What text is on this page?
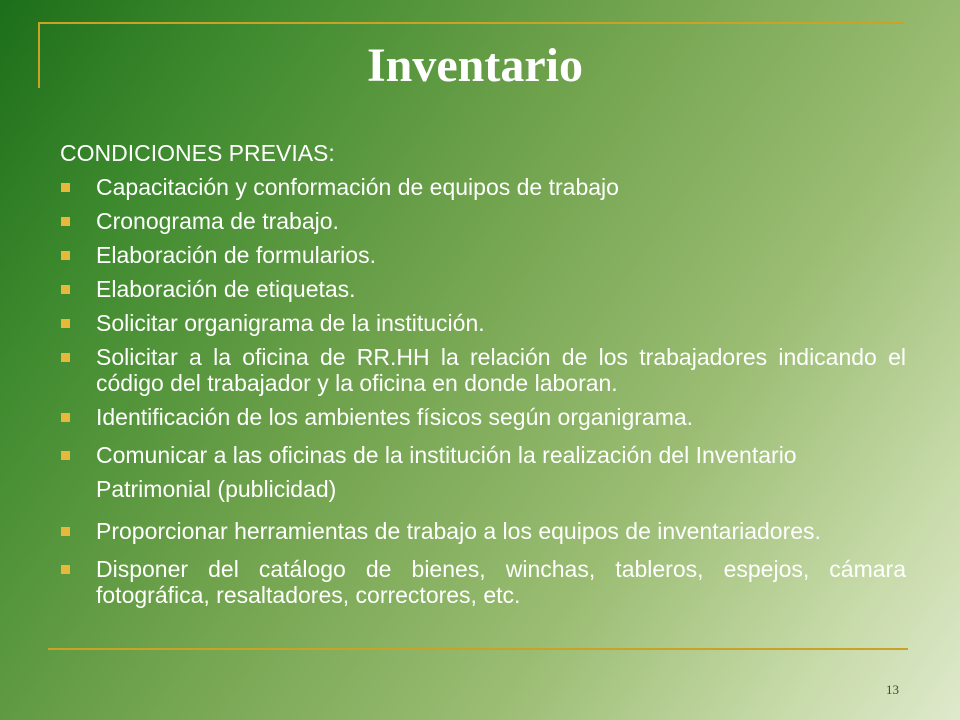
Inventario
CONDICIONES PREVIAS:
Capacitación y conformación de equipos de trabajo
Cronograma de trabajo.
Elaboración de formularios.
Elaboración de etiquetas.
Solicitar organigrama de la institución.
Solicitar a la oficina de RR.HH la relación de los trabajadores indicando el código del trabajador y la oficina en donde laboran.
Identificación de los ambientes físicos según organigrama.
Comunicar a las oficinas de la institución la realización del Inventario Patrimonial (publicidad)
Proporcionar herramientas de trabajo a los equipos de inventariadores.
Disponer del catálogo de bienes, winchas, tableros, espejos, cámara fotográfica, resaltadores, correctores, etc.
13
